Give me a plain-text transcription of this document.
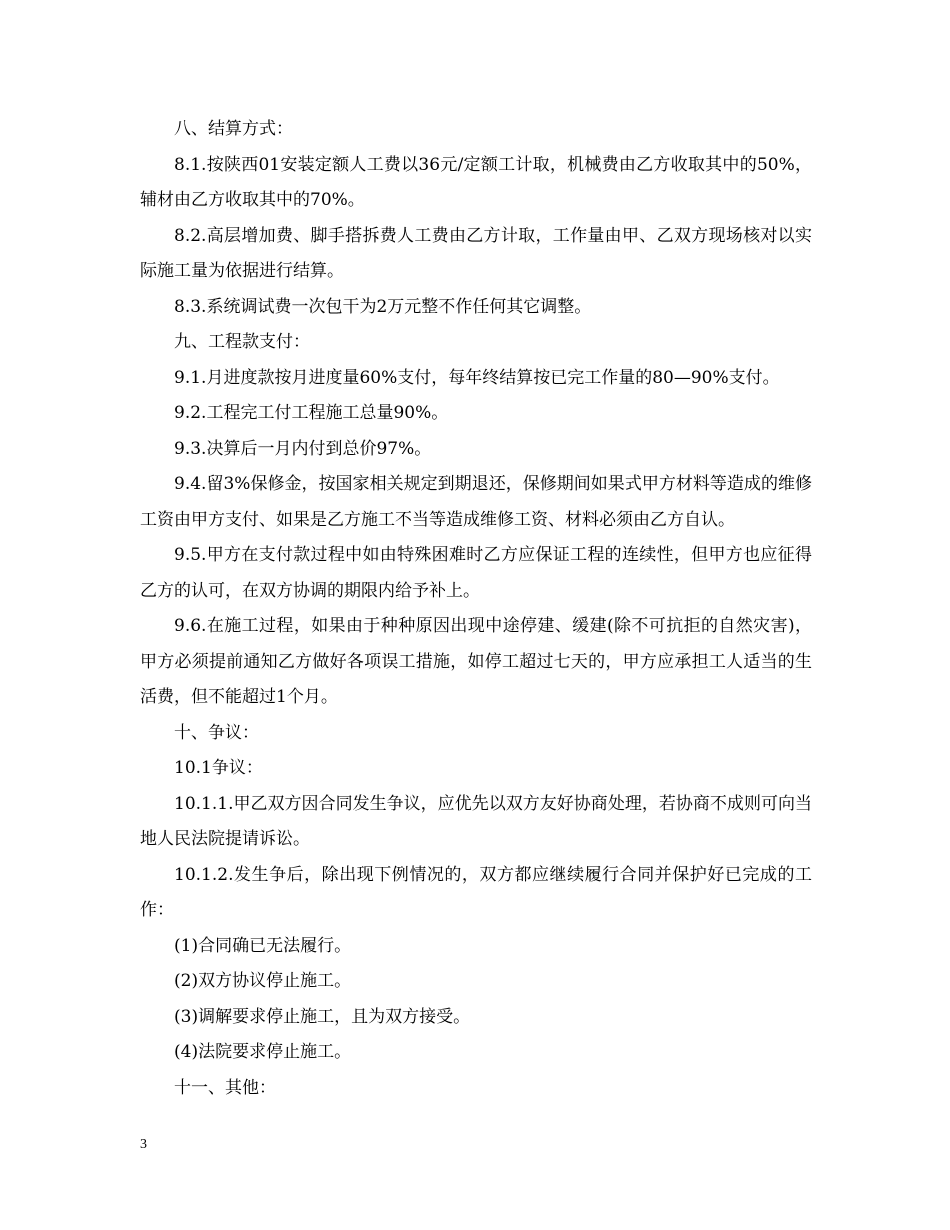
八、结算方式：

8.1.按陕西01安装定额人工费以36元/定额工计取，机械费由乙方收取其中的50%，辅材由乙方收取其中的70%。

8.2.高层增加费、脚手搭拆费人工费由乙方计取，工作量由甲、乙双方现场核对以实际施工量为依据进行结算。

8.3.系统调试费一次包干为2万元整不作任何其它调整。

九、工程款支付：

9.1.月进度款按月进度量60%支付，每年终结算按已完工作量的80—90%支付。

9.2.工程完工付工程施工总量90%。

9.3.决算后一月内付到总价97%。

9.4.留3%保修金，按国家相关规定到期退还，保修期间如果式甲方材料等造成的维修工资由甲方支付、如果是乙方施工不当等造成维修工资、材料必须由乙方自认。

9.5.甲方在支付款过程中如由特殊困难时乙方应保证工程的连续性，但甲方也应征得乙方的认可，在双方协调的期限内给予补上。

9.6.在施工过程，如果由于种种原因出现中途停建、缓建(除不可抗拒的自然灾害)，甲方必须提前通知乙方做好各项误工措施，如停工超过七天的，甲方应承担工人适当的生活费，但不能超过1个月。

十、争议：

10.1争议：

10.1.1.甲乙双方因合同发生争议，应优先以双方友好协商处理，若协商不成则可向当地人民法院提请诉讼。

10.1.2.发生争后，除出现下例情况的，双方都应继续履行合同并保护好已完成的工作：

(1)合同确已无法履行。

(2)双方协议停止施工。

(3)调解要求停止施工，且为双方接受。

(4)法院要求停止施工。

十一、其他：

3
